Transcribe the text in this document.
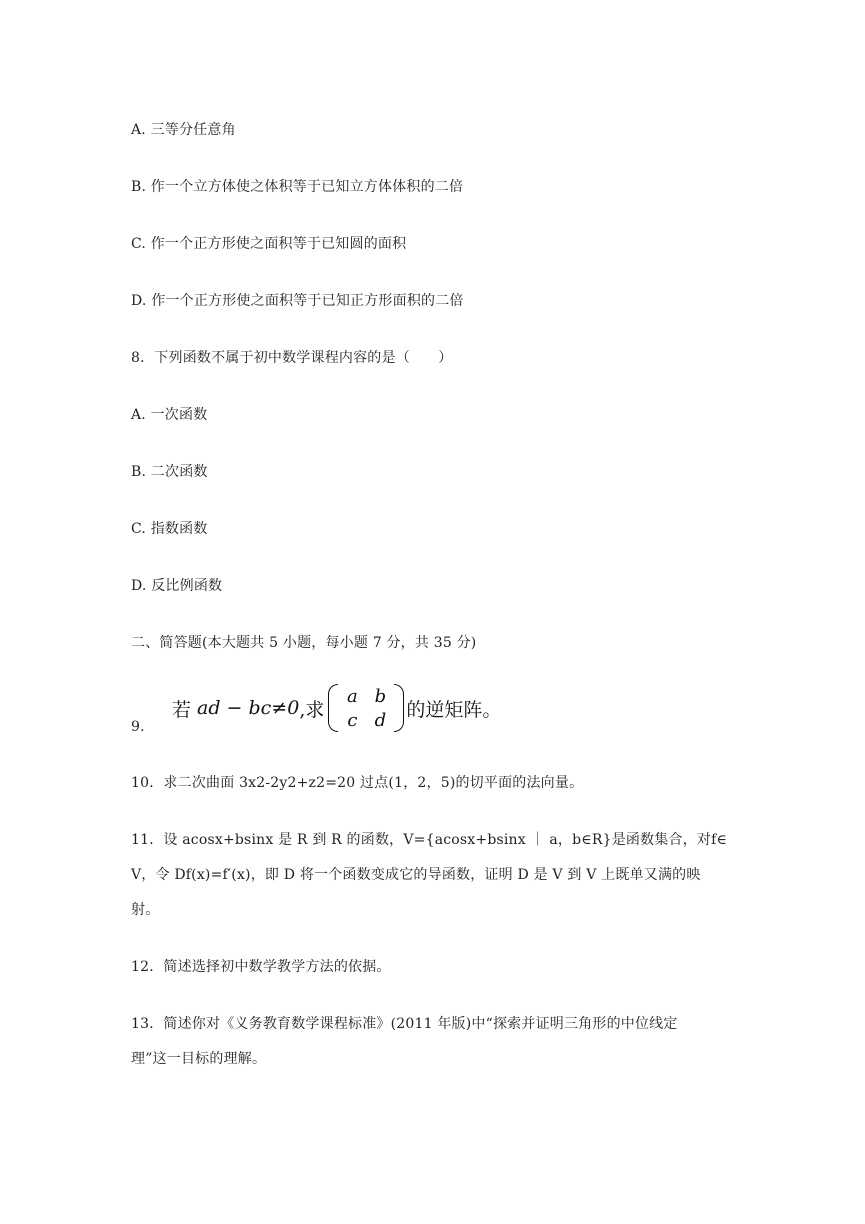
A. 三等分任意角
B. 作一个立方体使之体积等于已知立方体体积的二倍
C. 作一个正方形使之面积等于已知圆的面积
D. 作一个正方形使之面积等于已知正方形面积的二倍
8．下列函数不属于初中数学课程内容的是（　　）
A. 一次函数
B. 二次函数
C. 指数函数
D. 反比例函数
二、简答题(本大题共 5 小题，每小题 7 分，共 35 分)
9.
若 ad − bc≠0 ,求
a b
c d 的逆矩阵。
10．求二次曲面 3x2-2y2+z2=20 过点(1，2，5)的切平面的法向量。
11．设 acosx+bsinx 是 R 到 R 的函数，V={acosx+bsinx ｜ a，b∈R}是函数集合，对f∈
V，令 Df(x)=f′(x)，即 D 将一个函数变成它的导函数，证明 D 是 V 到 V 上既单又满的映
射。
12．简述选择初中数学教学方法的依据。
13．简述你对《义务教育数学课程标准》(2011 年版)中“探索并证明三角形的中位线定
理”这一目标的理解。
